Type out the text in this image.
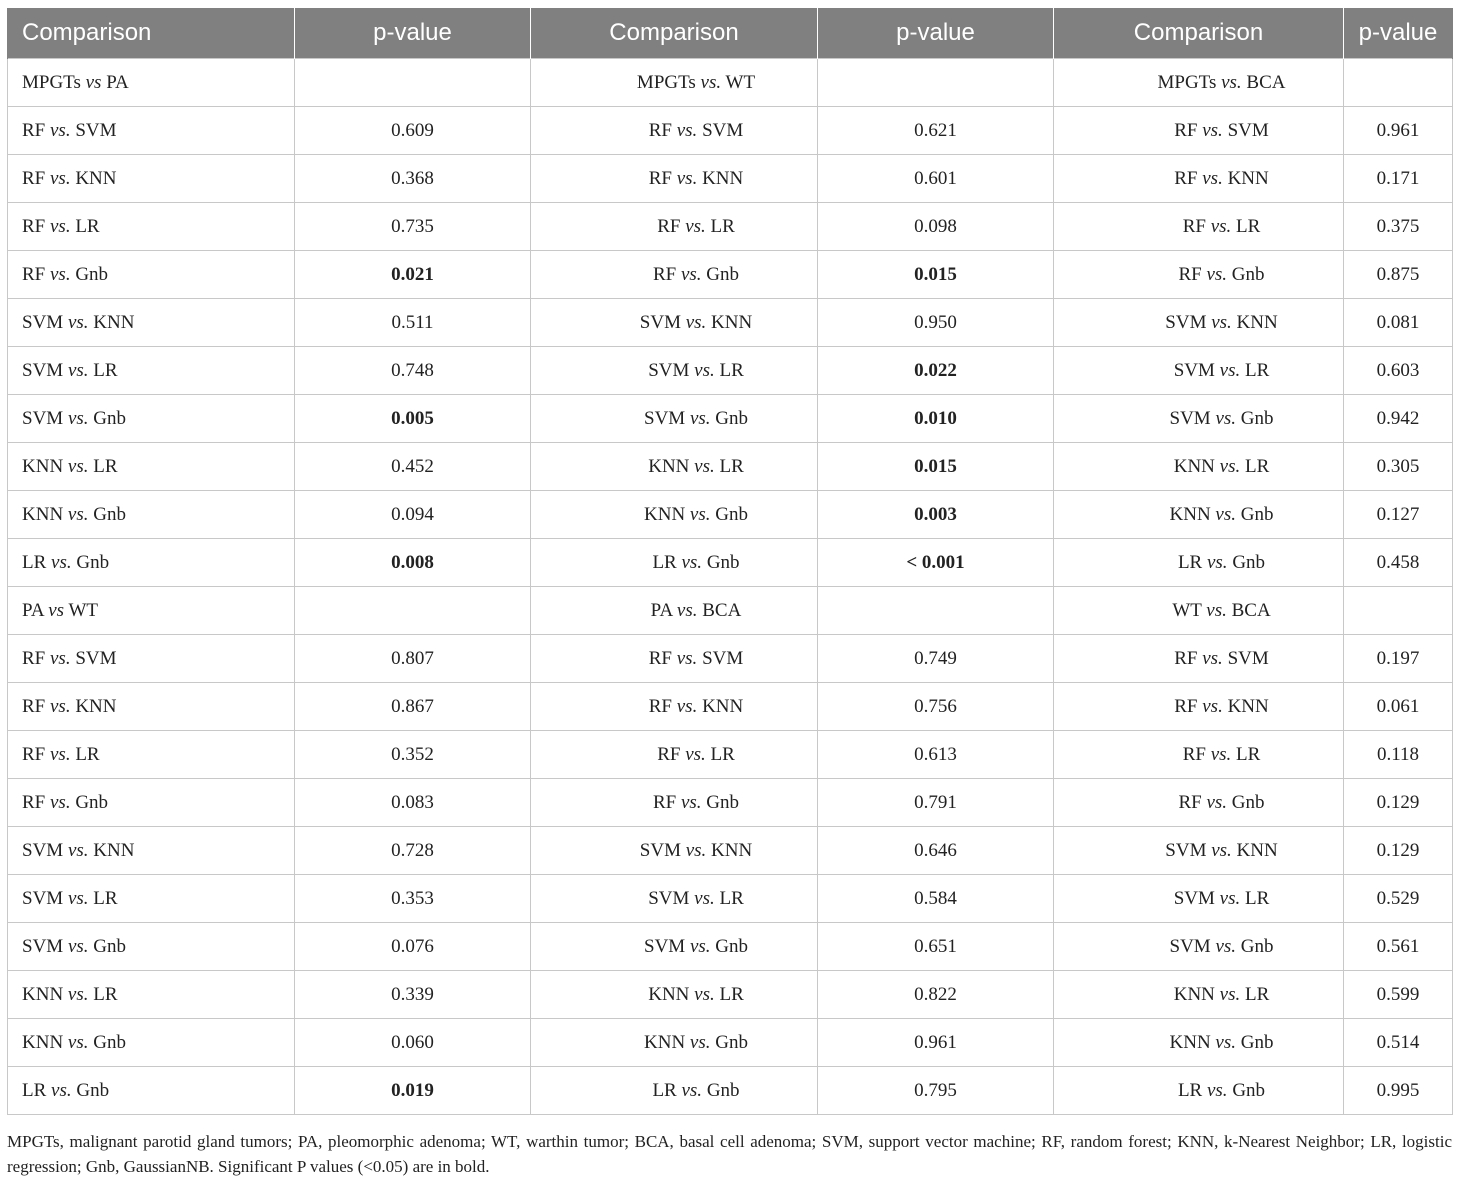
Comparison	p-value	Comparison	p-value	Comparison	p-value
MPGTs vs PA		MPGTs vs. WT		MPGTs vs. BCA	
RF vs. SVM	0.609	RF vs. SVM	0.621	RF vs. SVM	0.961
RF vs. KNN	0.368	RF vs. KNN	0.601	RF vs. KNN	0.171
RF vs. LR	0.735	RF vs. LR	0.098	RF vs. LR	0.375
RF vs. Gnb	0.021	RF vs. Gnb	0.015	RF vs. Gnb	0.875
SVM vs. KNN	0.511	SVM vs. KNN	0.950	SVM vs. KNN	0.081
SVM vs. LR	0.748	SVM vs. LR	0.022	SVM vs. LR	0.603
SVM vs. Gnb	0.005	SVM vs. Gnb	0.010	SVM vs. Gnb	0.942
KNN vs. LR	0.452	KNN vs. LR	0.015	KNN vs. LR	0.305
KNN vs. Gnb	0.094	KNN vs. Gnb	0.003	KNN vs. Gnb	0.127
LR vs. Gnb	0.008	LR vs. Gnb	< 0.001	LR vs. Gnb	0.458
PA vs WT		PA vs. BCA		WT vs. BCA	
RF vs. SVM	0.807	RF vs. SVM	0.749	RF vs. SVM	0.197
RF vs. KNN	0.867	RF vs. KNN	0.756	RF vs. KNN	0.061
RF vs. LR	0.352	RF vs. LR	0.613	RF vs. LR	0.118
RF vs. Gnb	0.083	RF vs. Gnb	0.791	RF vs. Gnb	0.129
SVM vs. KNN	0.728	SVM vs. KNN	0.646	SVM vs. KNN	0.129
SVM vs. LR	0.353	SVM vs. LR	0.584	SVM vs. LR	0.529
SVM vs. Gnb	0.076	SVM vs. Gnb	0.651	SVM vs. Gnb	0.561
KNN vs. LR	0.339	KNN vs. LR	0.822	KNN vs. LR	0.599
KNN vs. Gnb	0.060	KNN vs. Gnb	0.961	KNN vs. Gnb	0.514
LR vs. Gnb	0.019	LR vs. Gnb	0.795	LR vs. Gnb	0.995
MPGTs, malignant parotid gland tumors; PA, pleomorphic adenoma; WT, warthin tumor; BCA, basal cell adenoma; SVM, support vector machine; RF, random forest; KNN, k-Nearest Neighbor; LR, logistic regression; Gnb, GaussianNB. Significant P values (<0.05) are in bold.
